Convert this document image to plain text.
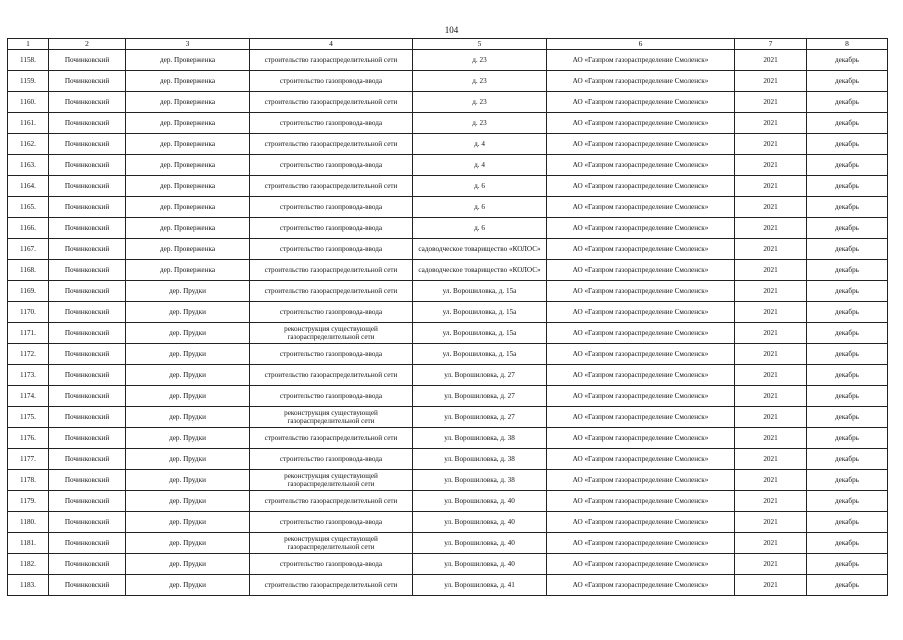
104
1	2	3	4	5	6	7	8
1158.	Починковский	дер. Проверженка	строительство газораспределительной сети	д. 23	АО «Газпром газораспределение Смоленск»	2021	декабрь
1159.	Починковский	дер. Проверженка	строительство газопровода-ввода	д. 23	АО «Газпром газораспределение Смоленск»	2021	декабрь
1160.	Починковский	дер. Проверженка	строительство газораспределительной сети	д. 23	АО «Газпром газораспределение Смоленск»	2021	декабрь
1161.	Починковский	дер. Проверженка	строительство газопровода-ввода	д. 23	АО «Газпром газораспределение Смоленск»	2021	декабрь
1162.	Починковский	дер. Проверженка	строительство газораспределительной сети	д. 4	АО «Газпром газораспределение Смоленск»	2021	декабрь
1163.	Починковский	дер. Проверженка	строительство газопровода-ввода	д. 4	АО «Газпром газораспределение Смоленск»	2021	декабрь
1164.	Починковский	дер. Проверженка	строительство газораспределительной сети	д. 6	АО «Газпром газораспределение Смоленск»	2021	декабрь
1165.	Починковский	дер. Проверженка	строительство газопровода-ввода	д. 6	АО «Газпром газораспределение Смоленск»	2021	декабрь
1166.	Починковский	дер. Проверженка	строительство газопровода-ввода	д. 6	АО «Газпром газораспределение Смоленск»	2021	декабрь
1167.	Починковский	дер. Проверженка	строительство газопровода-ввода	садоводческое товарищество «КОЛОС»	АО «Газпром газораспределение Смоленск»	2021	декабрь
1168.	Починковский	дер. Проверженка	строительство газораспределительной сети	садоводческое товарищество «КОЛОС»	АО «Газпром газораспределение Смоленск»	2021	декабрь
1169.	Починковский	дер. Прудки	строительство газораспределительной сети	ул. Ворошиловка, д. 15а	АО «Газпром газораспределение Смоленск»	2021	декабрь
1170.	Починковский	дер. Прудки	строительство газопровода-ввода	ул. Ворошиловка, д. 15а	АО «Газпром газораспределение Смоленск»	2021	декабрь
1171.	Починковский	дер. Прудки	реконструкция существующей газораспределительной сети	ул. Ворошиловка, д. 15а	АО «Газпром газораспределение Смоленск»	2021	декабрь
1172.	Починковский	дер. Прудки	строительство газопровода-ввода	ул. Ворошиловка, д. 15а	АО «Газпром газораспределение Смоленск»	2021	декабрь
1173.	Починковский	дер. Прудки	строительство газораспределительной сети	ул. Ворошиловка, д. 27	АО «Газпром газораспределение Смоленск»	2021	декабрь
1174.	Починковский	дер. Прудки	строительство газопровода-ввода	ул. Ворошиловка, д. 27	АО «Газпром газораспределение Смоленск»	2021	декабрь
1175.	Починковский	дер. Прудки	реконструкция существующей газораспределительной сети	ул. Ворошиловка, д. 27	АО «Газпром газораспределение Смоленск»	2021	декабрь
1176.	Починковский	дер. Прудки	строительство газораспределительной сети	ул. Ворошиловка, д. 38	АО «Газпром газораспределение Смоленск»	2021	декабрь
1177.	Починковский	дер. Прудки	строительство газопровода-ввода	ул. Ворошиловка, д. 38	АО «Газпром газораспределение Смоленск»	2021	декабрь
1178.	Починковский	дер. Прудки	реконструкция существующей газораспределительной сети	ул. Ворошиловка, д. 38	АО «Газпром газораспределение Смоленск»	2021	декабрь
1179.	Починковский	дер. Прудки	строительство газораспределительной сети	ул. Ворошиловка, д. 40	АО «Газпром газораспределение Смоленск»	2021	декабрь
1180.	Починковский	дер. Прудки	строительство газопровода-ввода	ул. Ворошиловка, д. 40	АО «Газпром газораспределение Смоленск»	2021	декабрь
1181.	Починковский	дер. Прудки	реконструкция существующей газораспределительной сети	ул. Ворошиловка, д. 40	АО «Газпром газораспределение Смоленск»	2021	декабрь
1182.	Починковский	дер. Прудки	строительство газопровода-ввода	ул. Ворошиловка, д. 40	АО «Газпром газораспределение Смоленск»	2021	декабрь
1183.	Починковский	дер. Прудки	строительство газораспределительной сети	ул. Ворошиловка, д. 41	АО «Газпром газораспределение Смоленск»	2021	декабрь
